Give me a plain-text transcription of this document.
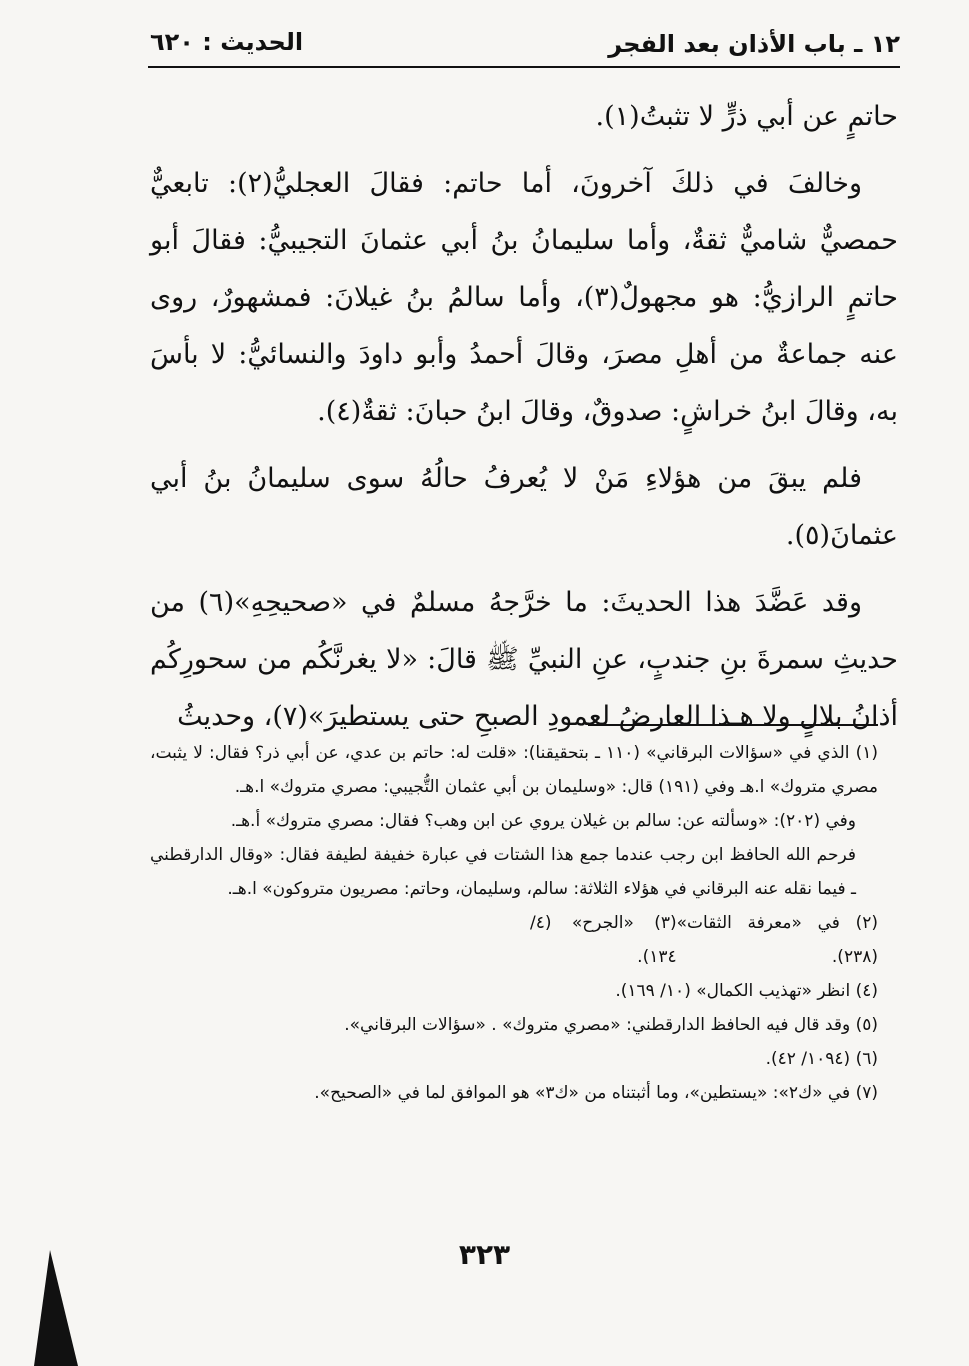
١٢ ـ باب الأذان بعد الفجر
الحديث : ٦٢٠

حاتمٍ عن أبي ذرٍّ لا تثبتُ(١).

وخالفَ في ذلكَ آخرونَ، أما حاتم: فقالَ العجليُّ(٢): تابعيٌّ حمصيٌّ شاميٌّ ثقةٌ، وأما سليمانُ بنُ أبي عثمانَ التجيبيُّ: فقالَ أبو حاتمٍ الرازيُّ: هو مجهولٌ(٣)، وأما سالمُ بنُ غيلانَ: فمشهورٌ، روى عنه جماعةٌ من أهلِ مصرَ، وقالَ أحمدُ وأبو داودَ والنسائيُّ: لا بأسَ به، وقالَ ابنُ خراشٍ: صدوقٌ، وقالَ ابنُ حبانَ: ثقةٌ(٤).

فلم يبقَ من هؤلاءِ مَنْ لا يُعرفُ حالُهُ سوى سليمانُ بنُ أبي عثمانَ(٥).

وقد عَضَّدَ هذا الحديثَ: ما خرَّجهُ مسلمٌ في «صحيحِهِ»(٦) من حديثِ سمرةَ بنِ جندبٍ، عنِ النبيِّ ﷺ قالَ: «لا يغرنَّكُم من سحورِكُم أذانُ بلالٍ ولا هـذا العارضُ لعمودِ الصبحِ حتى يستطيرَ»(٧)، وحديثُ

(١) الذي في «سؤالات البرقاني» (١١٠ ـ بتحقيقنا): «قلت له: حاتم بن عدي، عن أبي ذر؟ فقال: لا يثبت، مصري متروك» ا.هـ وفي (١٩١) قال: «وسليمان بن أبي عثمان التُّجيبي: مصري متروك» ا.هـ.

وفي (٢٠٢): «وسألته عن: سالم بن غيلان يروي عن ابن وهب؟ فقال: مصري متروك» أ.هـ.

فرحم الله الحافظ ابن رجب عندما جمع هذا الشتات في عبارة خفيفة لطيفة فقال: «وقال الدارقطني ـ فيما نقله عنه البرقاني في هؤلاء الثلاثة: سالم، وسليمان، وحاتم: مصريون متروكون» ا.هـ.

(٢) في «معرفة الثقات» (٢٣٨).
(٣) «الجرح» (٤/ ١٣٤).

(٤) انظر «تهذيب الكمال» (١٠/ ١٦٩).

(٥) وقد قال فيه الحافظ الدارقطني: «مصري متروك» . «سؤالات البرقاني».

(٦) (١٠٩٤/ ٤٢).

(٧) في «ك٢»: «يستطين»، وما أثبتناه من «ك٣» هو الموافق لما في «الصحيح».

٣٢٣
